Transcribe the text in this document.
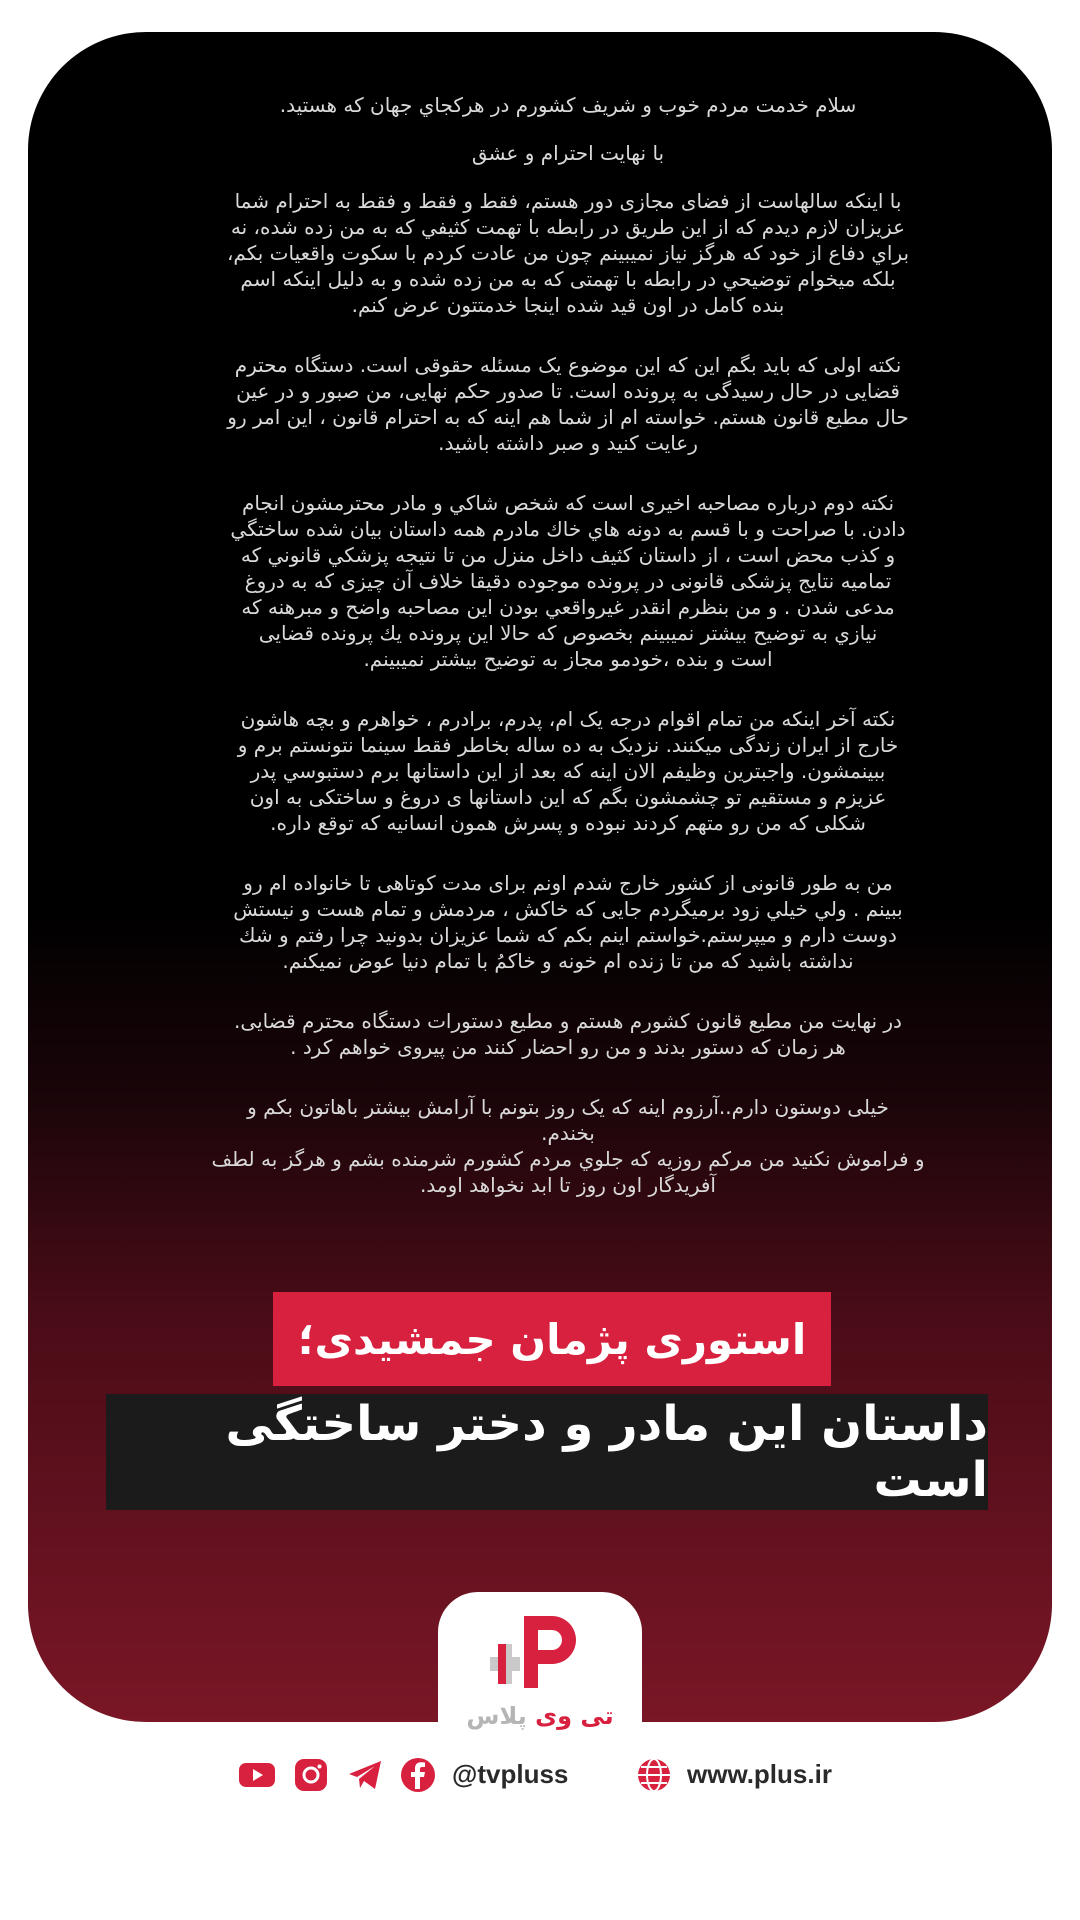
سلام خدمت مردم خوب و شریف کشورم در هرکجاي جهان که هستید.

با نهایت احترام و عشق

با اینکه سالهاست از فضای مجازی دور هستم، فقط و فقط و فقط به احترام شما
عزیزان لازم دیدم که از این طریق در رابطه با تهمت کثیفي که به من زده شده، نه
براي دفاع از خود که هرگز نیاز نمیبینم چون من عادت کردم با سکوت واقعیات بکم،
بلکه میخوام توضیحي در رابطه با تهمتی که به من زده شده و به دلیل اینکه اسم
بنده کامل در اون قید شده اینجا خدمتتون عرض کنم.

نکته اولی که باید بگم این که این موضوع یک مسئله حقوقی است. دستگاه محترم
قضایی در حال رسیدگی به پرونده است. تا صدور حکم نهایی، من صبور و در عین
حال مطیع قانون هستم. خواسته ام از شما هم اینه که به احترام قانون ، این امر رو
رعایت کنید و صبر داشته باشید.

نکته دوم درباره مصاحبه اخیری است که شخص شاکي و مادر محترمشون انجام
دادن. با صراحت و با قسم به دونه هاي خاك مادرم همه داستان بیان شده ساختگي
و کذب محض است ، از داستان کثیف داخل منزل من تا نتیجه پزشکي قانوني که
تمامیه نتایج پزشکی قانونی در پرونده موجوده دقیقا خلاف آن چیزی که به دروغ
مدعی شدن . و من بنظرم انقدر غیرواقعي بودن این مصاحبه واضح و مبرهنه که
نیازي به توضیح بیشتر نمیبینم بخصوص که حالا این پرونده یك پرونده قضایی
است و بنده ،خودمو مجاز به توضیح بیشتر نمیبینم.

نکته آخر اینکه من تمام اقوام درجه یک ام، پدرم، برادرم ، خواهرم و بچه هاشون
خارج از ایران زندگی میکنند. نزدیک به ده ساله بخاطر فقط سینما نتونستم برم و
ببینمشون. واجبترین وظیفم الان اینه که بعد از این داستانها برم دستبوسي پدر
عزیزم و مستقیم تو چشمشون بگم که این داستانها ی دروغ و ساختکی به اون
شکلی که من رو متهم کردند نبوده و پسرش همون انسانیه که توقع داره.

من به طور قانونی از کشور خارج شدم اونم برای مدت کوتاهی تا خانواده ام رو
ببینم . ولي خیلي زود برمیگردم جایی که خاکش ، مردمش و تمام هست و نیستش
دوست دارم و میپرستم.خواستم اینم بکم که شما عزیزان بدونید چرا رفتم و شك
نداشته باشید که من تا زنده ام خونه و خاکمُ با تمام دنیا عوض نمیکنم.

در نهایت من مطیع قانون کشورم هستم و مطیع دستورات دستگاه محترم قضایی.
هر زمان که دستور بدند و من رو احضار کنند من پیروی خواهم کرد .

خیلی دوستون دارم..آرزوم اینه که یک روز بتونم با آرامش بیشتر باهاتون بکم و
بخندم.
و فراموش نکنید من مرکم روزیه که جلوي مردم کشورم شرمنده بشم و هرگز به لطف
آفریدگار اون روز تا ابد نخواهد اومد.

استوری پژمان جمشیدی؛
داستان این مادر و دختر ساختگی است
تی وی پلاس
@tvpluss	www.plus.ir
